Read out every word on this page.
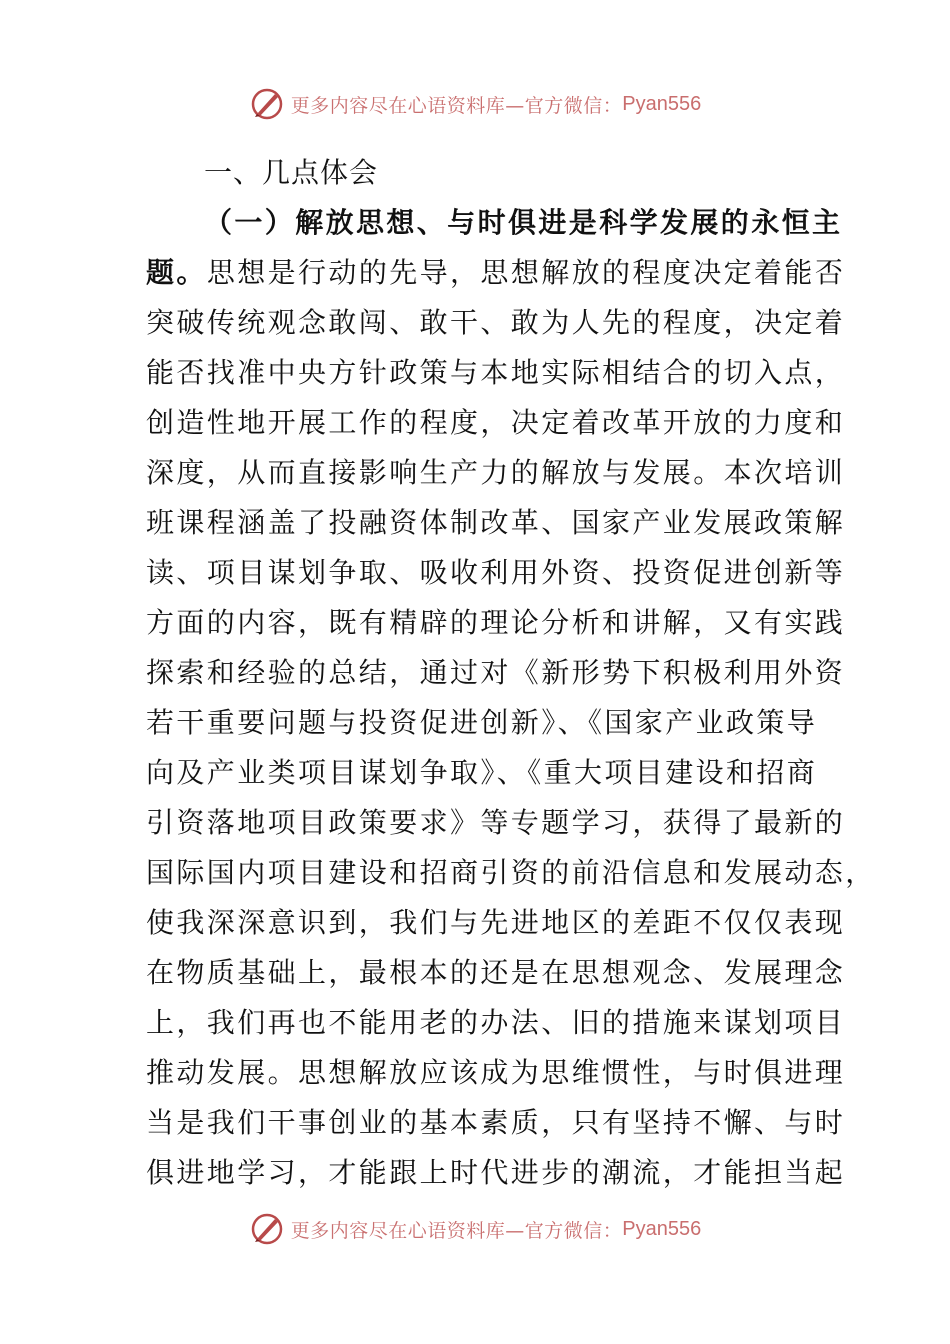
更多内容尽在心语资料库—官方微信： Pyan556
一、几点体会
（一）解放思想、与时俱进是科学发展的永恒主
题。思想是行动的先导，思想解放的程度决定着能否
突破传统观念敢闯、敢干、敢为人先的程度，决定着
能否找准中央方针政策与本地实际相结合的切入点，
创造性地开展工作的程度，决定着改革开放的力度和
深度，从而直接影响生产力的解放与发展。本次培训
班课程涵盖了投融资体制改革、国家产业发展政策解
读、项目谋划争取、吸收利用外资、投资促进创新等
方面的内容，既有精辟的理论分析和讲解，又有实践
探索和经验的总结，通过对《新形势下积极利用外资
若干重要问题与投资促进创新》、《国家产业政策导
向及产业类项目谋划争取》、《重大项目建设和招商
引资落地项目政策要求》等专题学习，获得了最新的
国际国内项目建设和招商引资的前沿信息和发展动态，
使我深深意识到，我们与先进地区的差距不仅仅表现
在物质基础上，最根本的还是在思想观念、发展理念
上，我们再也不能用老的办法、旧的措施来谋划项目
推动发展。思想解放应该成为思维惯性，与时俱进理
当是我们干事创业的基本素质，只有坚持不懈、与时
俱进地学习，才能跟上时代进步的潮流，才能担当起
更多内容尽在心语资料库—官方微信： Pyan556
